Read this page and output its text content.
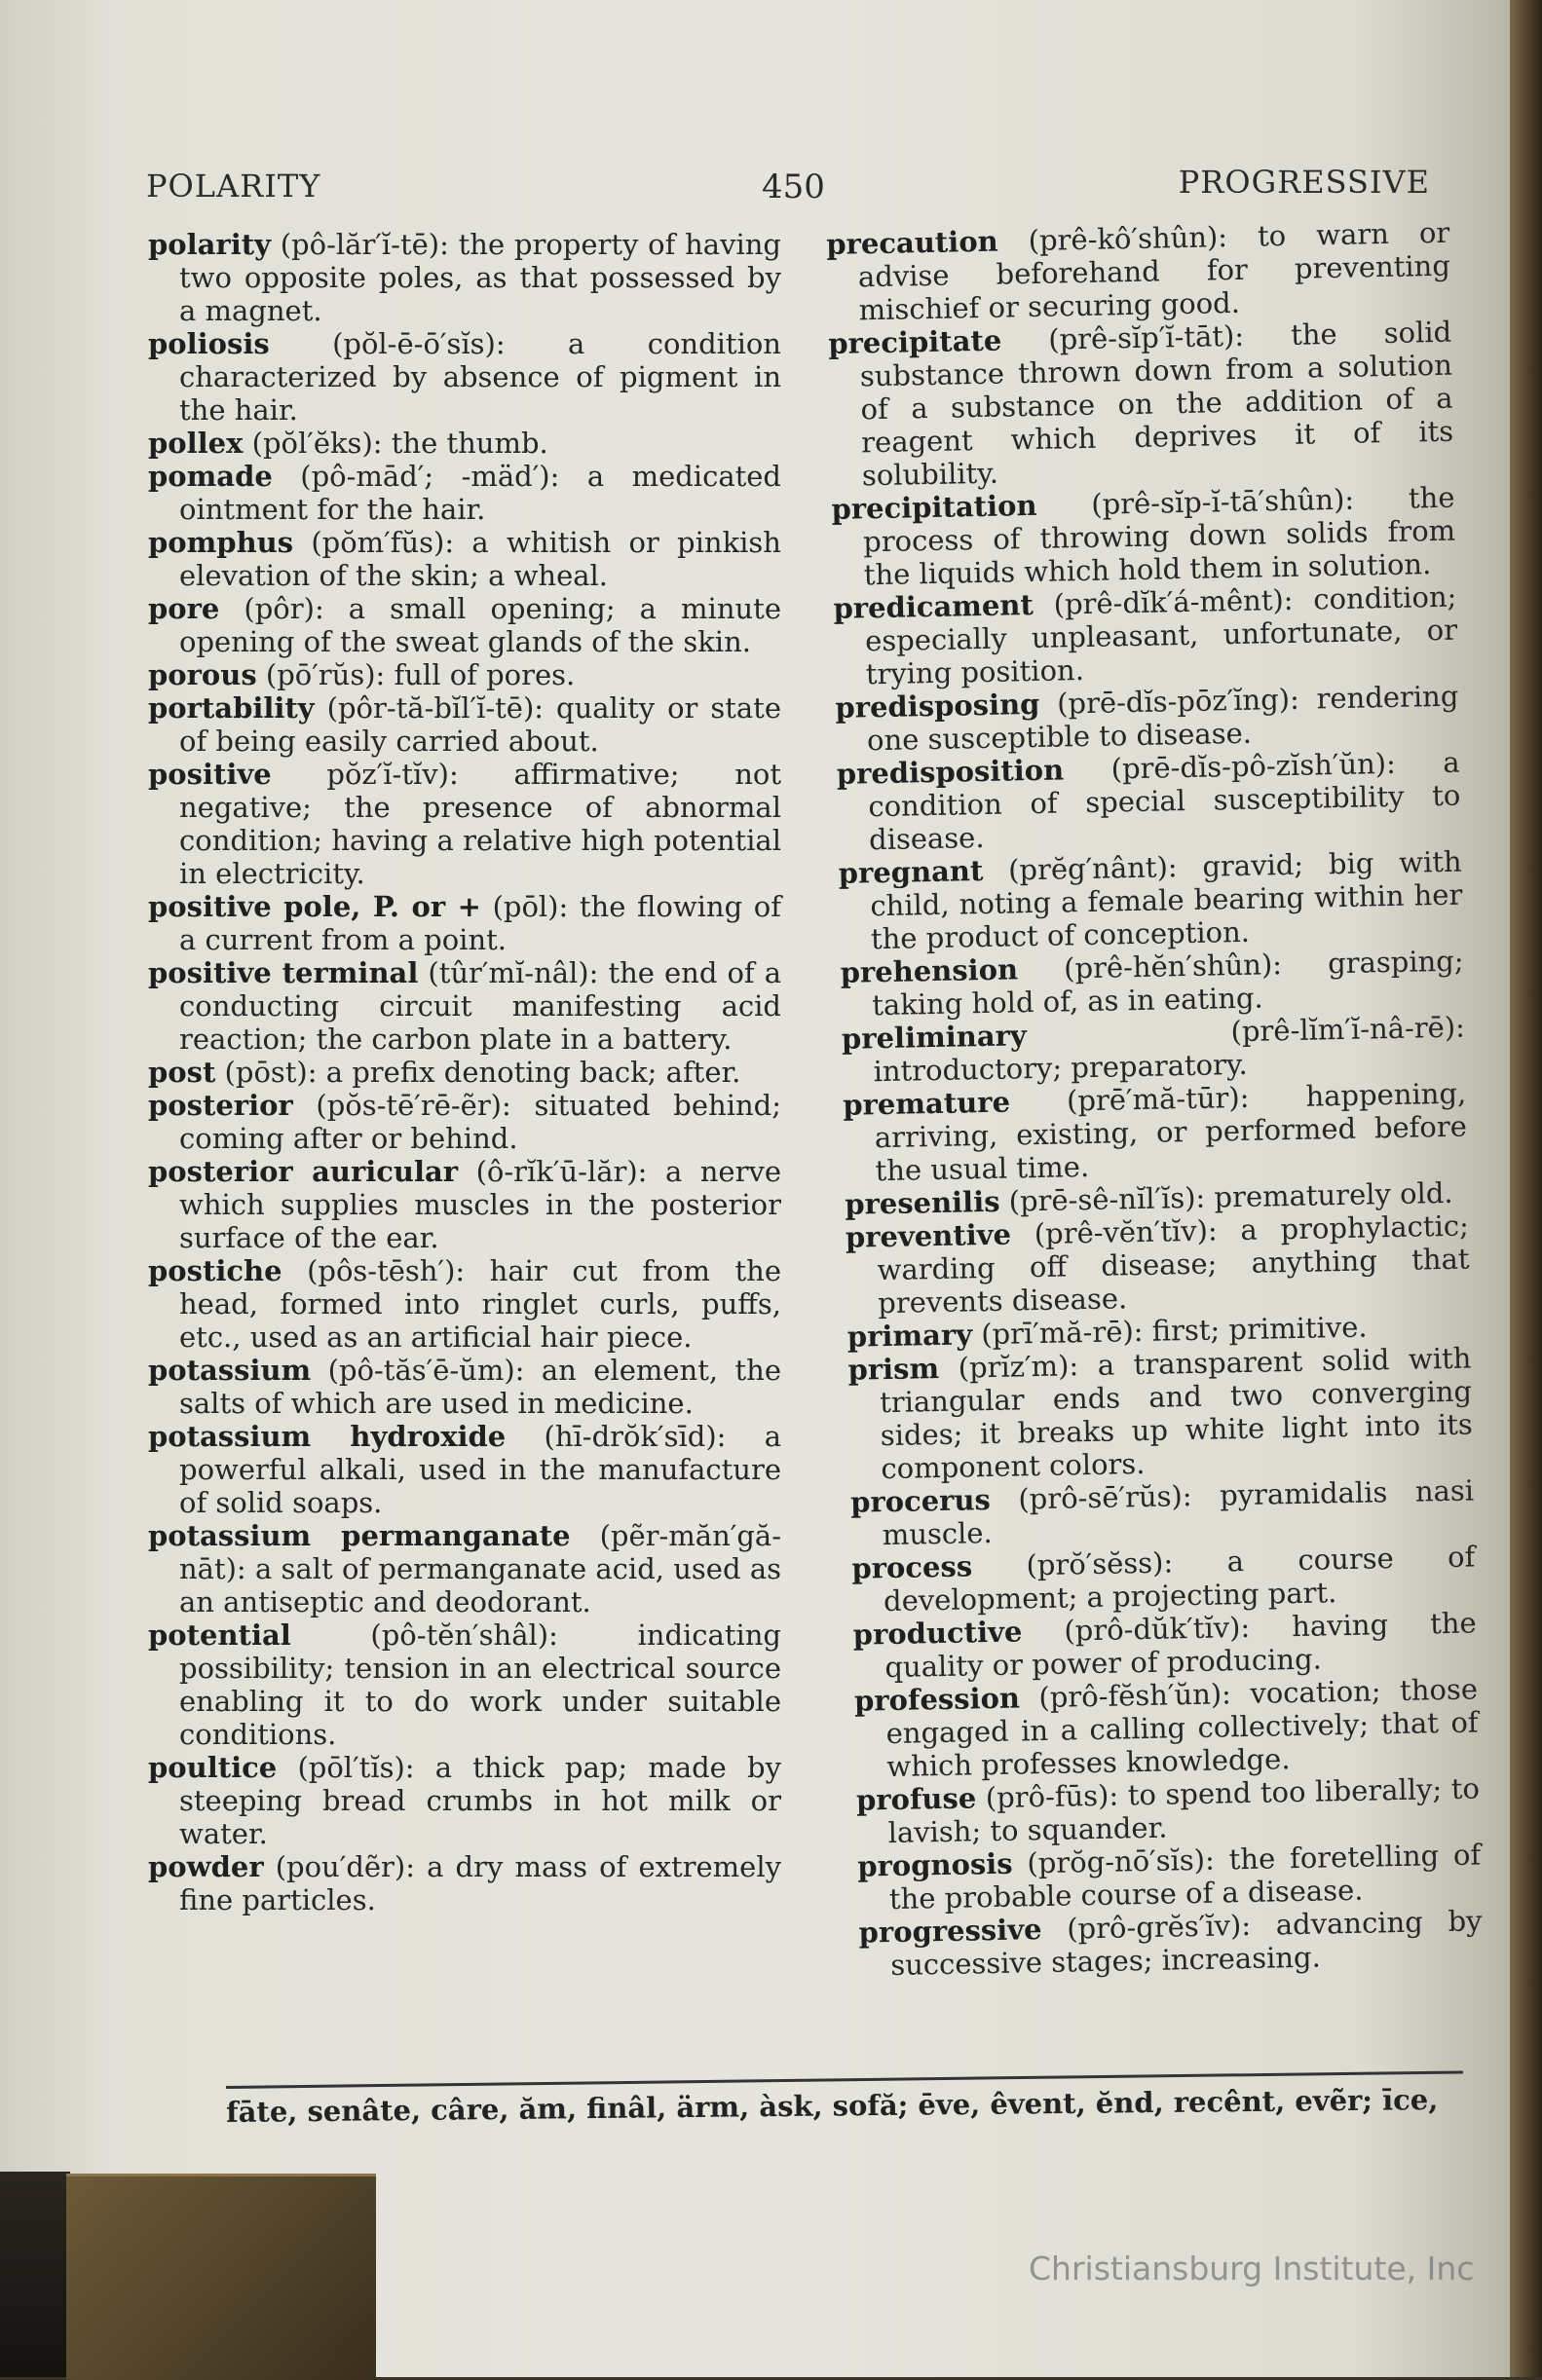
POLARITY	450	PROGRESSIVE

polarity (pô-lăr′ĭ-tē): the property of having two opposite poles, as that possessed by a magnet.

poliosis (pŏl-ē-ō′sĭs): a condition characterized by absence of pigment in the hair.

pollex (pŏl′ĕks): the thumb.

pomade (pô-mād′; -mäd′): a medicated ointment for the hair.

pomphus (pŏm′fŭs): a whitish or pinkish elevation of the skin; a wheal.

pore (pôr): a small opening; a minute opening of the sweat glands of the skin.

porous (pō′rŭs): full of pores.

portability (pôr-tă-bĭl′ĭ-tē): quality or state of being easily carried about.

positive pŏz′ĭ-tĭv): affirmative; not negative; the presence of abnormal condition; having a relative high potential in electricity.

positive pole, P. or + (pōl): the flowing of a current from a point.

positive terminal (tûr′mĭ-nâl): the end of a conducting circuit manifesting acid reaction; the carbon plate in a battery.

post (pōst): a prefix denoting back; after.

posterior (pŏs-tē′rē-ẽr): situated behind; coming after or behind.

posterior auricular (ô-rĭk′ū-lăr): a nerve which supplies muscles in the posterior surface of the ear.

postiche (pôs-tēsh′): hair cut from the head, formed into ringlet curls, puffs, etc., used as an artificial hair piece.

potassium (pô-tăs′ē-ŭm): an element, the salts of which are used in medicine.

potassium hydroxide (hī-drŏk′sīd): a powerful alkali, used in the manufacture of solid soaps.

potassium permanganate (pẽr-măn′gă-nāt): a salt of permanganate acid, used as an antiseptic and deodorant.

potential (pô-tĕn′shâl): indicating possibility; tension in an electrical source enabling it to do work under suitable conditions.

poultice (pōl′tĭs): a thick pap; made by steeping bread crumbs in hot milk or water.

powder (pou′dẽr): a dry mass of extremely fine particles.

precaution (prê-kô′shûn): to warn or advise beforehand for preventing mischief or securing good.

precipitate (prê-sĭp′ĭ-tāt): the solid substance thrown down from a solution of a substance on the addition of a reagent which deprives it of its solubility.

precipitation (prê-sĭp-ĭ-tā′shûn): the process of throwing down solids from the liquids which hold them in solution.

predicament (prê-dĭk′á-mênt): condition; especially unpleasant, unfortunate, or trying position.

predisposing (prē-dĭs-pōz′ĭng): rendering one susceptible to disease.

predisposition (prē-dĭs-pô-zĭsh′ŭn): a condition of special susceptibility to disease.

pregnant (prĕg′nânt): gravid; big with child, noting a female bearing within her the product of conception.

prehension (prê-hĕn′shûn): grasping; taking hold of, as in eating.

preliminary (prê-lĭm′ĭ-nâ-rē): introductory; preparatory.

premature (prē′mă-tūr): happening, arriving, existing, or performed before the usual time.

presenilis (prē-sê-nĭl′ĭs): prematurely old.

preventive (prê-vĕn′tĭv): a prophylactic; warding off disease; anything that prevents disease.

primary (prī′mă-rē): first; primitive.

prism (prĭz′m): a transparent solid with triangular ends and two converging sides; it breaks up white light into its component colors.

procerus (prô-sē′rŭs): pyramidalis nasi muscle.

process (prŏ′sĕss): a course of development; a projecting part.

productive (prô-dŭk′tĭv): having the quality or power of producing.

profession (prô-fĕsh′ŭn): vocation; those engaged in a calling collectively; that of which professes knowledge.

profuse (prô-fūs): to spend too liberally; to lavish; to squander.

prognosis (prŏg-nō′sĭs): the foretelling of the probable course of a disease.

progressive (prô-grĕs′ĭv): advancing by successive stages; increasing.

fāte, senâte, câre, ăm, finâl, ärm, àsk, sofă; ēve, êvent, ĕnd, recênt, evẽr; īce,
Christiansburg Institute, Inc
